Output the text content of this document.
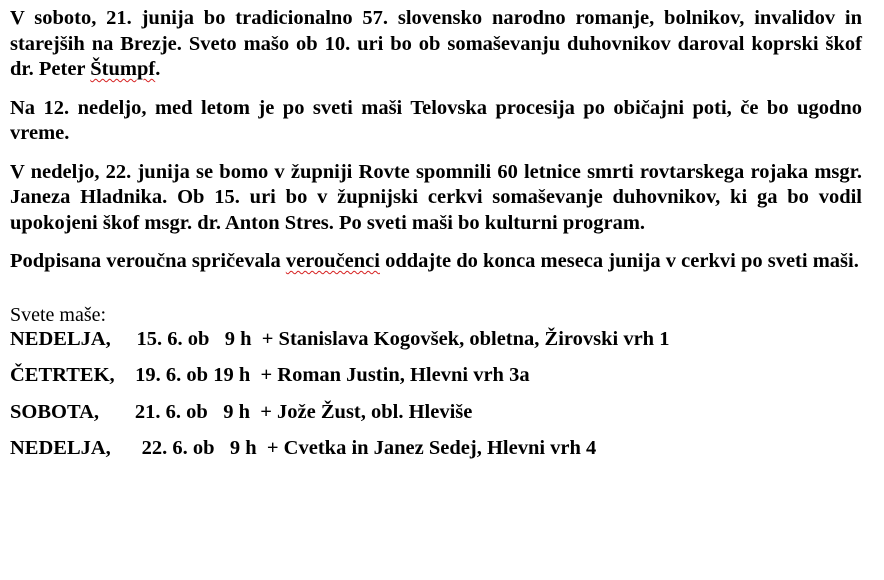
V soboto, 21. junija bo tradicionalno 57. slovensko narodno romanje, bolnikov, invalidov in starejših na Brezje. Sveto mašo ob 10. uri bo ob somaševanju duhovnikov daroval koprski škof dr. Peter Štumpf.

Na 12. nedeljo, med letom je po sveti maši Telovska procesija po običajni poti, če bo ugodno vreme.

V nedeljo, 22. junija se bomo v župniji Rovte spomnili 60 letnice smrti rovtarskega rojaka msgr. Janeza Hladnika. Ob 15. uri bo v župnijski cerkvi somaševanje duhovnikov, ki ga bo vodil upokojeni škof msgr. dr. Anton Stres. Po sveti maši bo kulturni program.

Podpisana veroučna spričevala veroučenci oddajte do konca meseca junija v cerkvi po sveti maši.

Svete maše:
NEDELJA, 15. 6. ob 9 h + Stanislava Kogovšek, obletna, Žirovski vrh 1
ČETRTEK, 19. 6. ob 19 h + Roman Justin, Hlevni vrh 3a
SOBOTA, 21. 6. ob 9 h + Jože Žust, obl. Hleviše
NEDELJA, 22. 6. ob 9 h + Cvetka in Janez Sedej, Hlevni vrh 4
